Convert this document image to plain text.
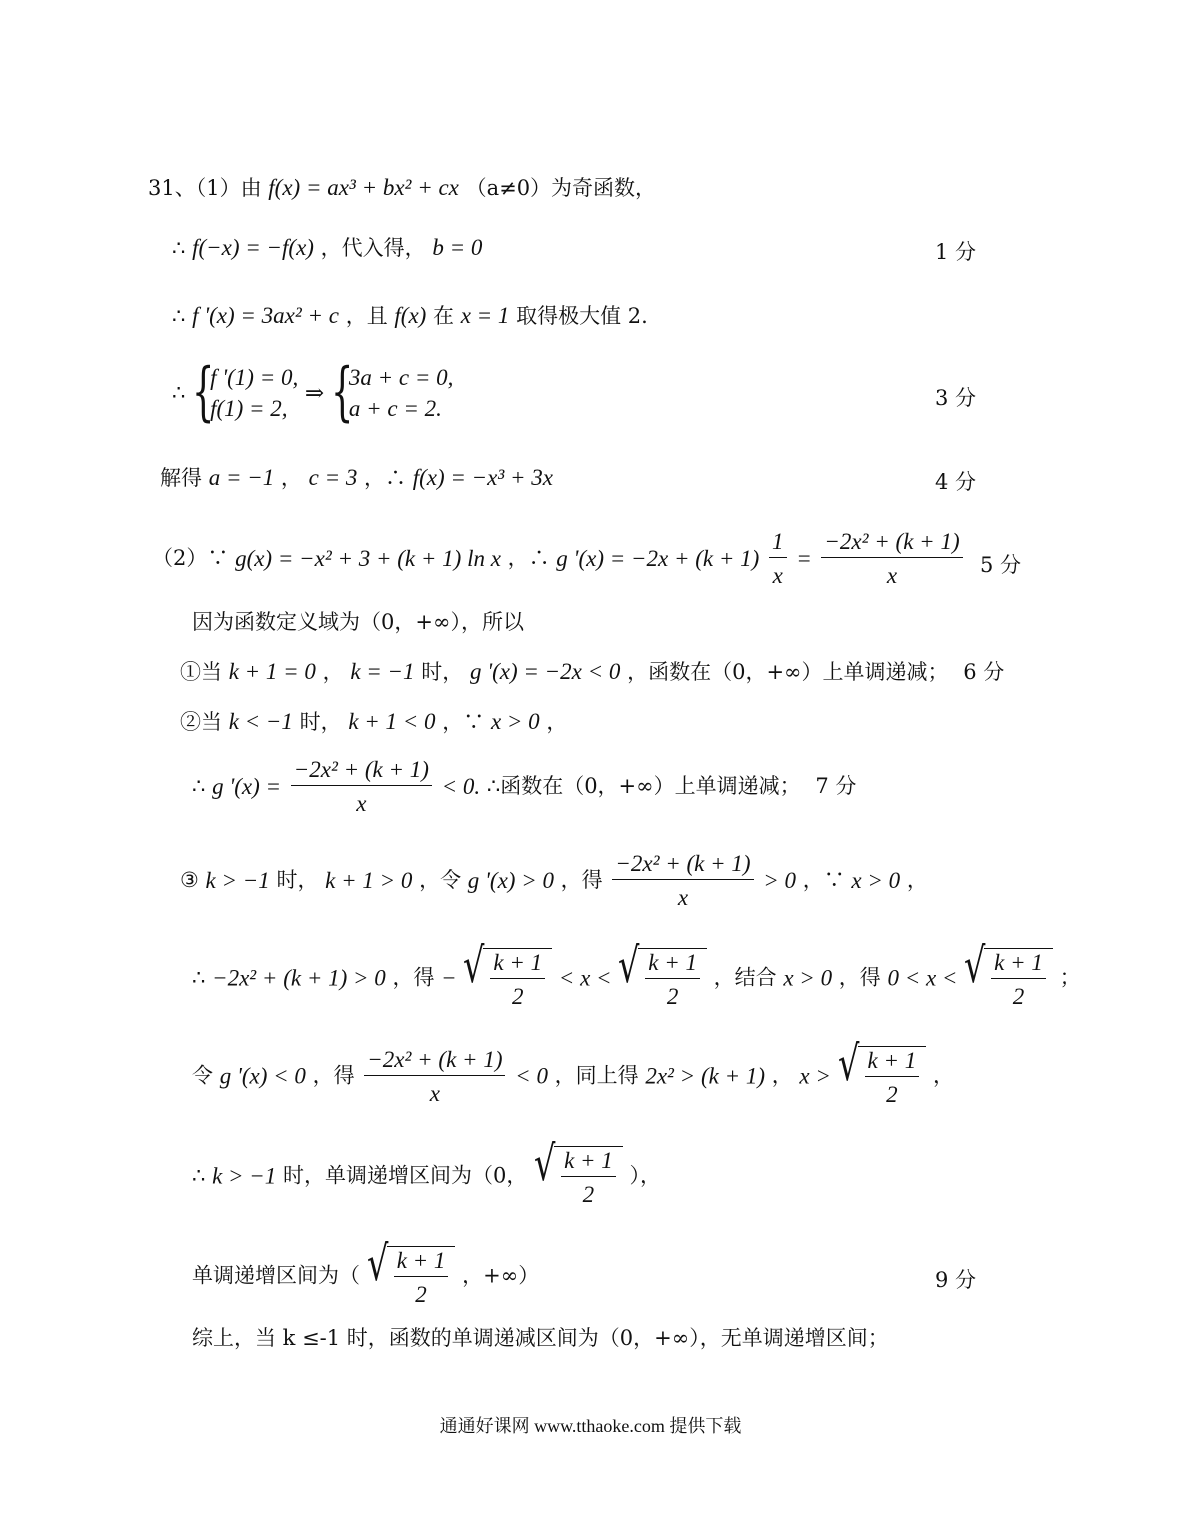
31、（1）由 f(x) = ax³ + bx² + cx （a≠0）为奇函数，
∴ f(−x) = −f(x) ，代入得， b = 0	1 分
∴ f '(x) = 3ax² + c ，且 f(x) 在 x = 1 取得极大值 2.
∴ {
f '(1) = 0,
f(1) = 2,
⇒ {
3a + c = 0,
a + c = 2.	3 分
解得 a = −1 ， c = 3 ，∴ f(x) = −x³ + 3x	4 分
（2）∵ g(x) = −x² + 3 + (k + 1) ln x ，∴ g '$(x) = -2x + (k + 1) \frac{1}{x} = \frac{\text{−2x² + (k + 1)}}{x} 5$ 分
因为函数定义域为（0，+∞），所以
①当 k + 1 = 0 ， k = −1 时， g '(x) = −2x < 0 ，函数在（0，+∞）上单调递减； 6 分
②当 k < −1 时， k + 1 < 0 ，∵ x > 0 ，
∴ g '$(x) = \frac{\text{−2x² + (k + 1)}}{x} < 0$. ∴函数在（0，+∞）上单调递减； 7 分
③ k > −1 时， k + 1 > 0 ，令 g '(x) > 0 ，得 $\frac{\text{−2x² + (k + 1)}}{x} > 0$ ，∵ x > 0 ，
∴ −2x² + (k + 1) > 0 ，得 − √ $\frac{k + 1}{2} < x$ < √ $\frac{k + 1}{2}$ ，结合 x > 0 ，得 0 < x < √ $\frac{k + 1}{2}$ ；
令 g '(x) < 0 ，得 $\frac{\text{−2x² + (k + 1)}}{x} < 0$ ，同上得 2x² > (k + 1) ， x > √ $\frac{k + 1}{2}$ ，
∴ k > −1 时，单调递增区间为（0， √ $\frac{k + 1}{2}$ ），
单调递增区间为（ √ $\frac{k + 1}{2}$ ，+∞）	9 分
综上，当 k ≤-1 时，函数的单调递减区间为（0，+∞），无单调递增区间；
通通好课网 www.tthaoke.com 提供下载
